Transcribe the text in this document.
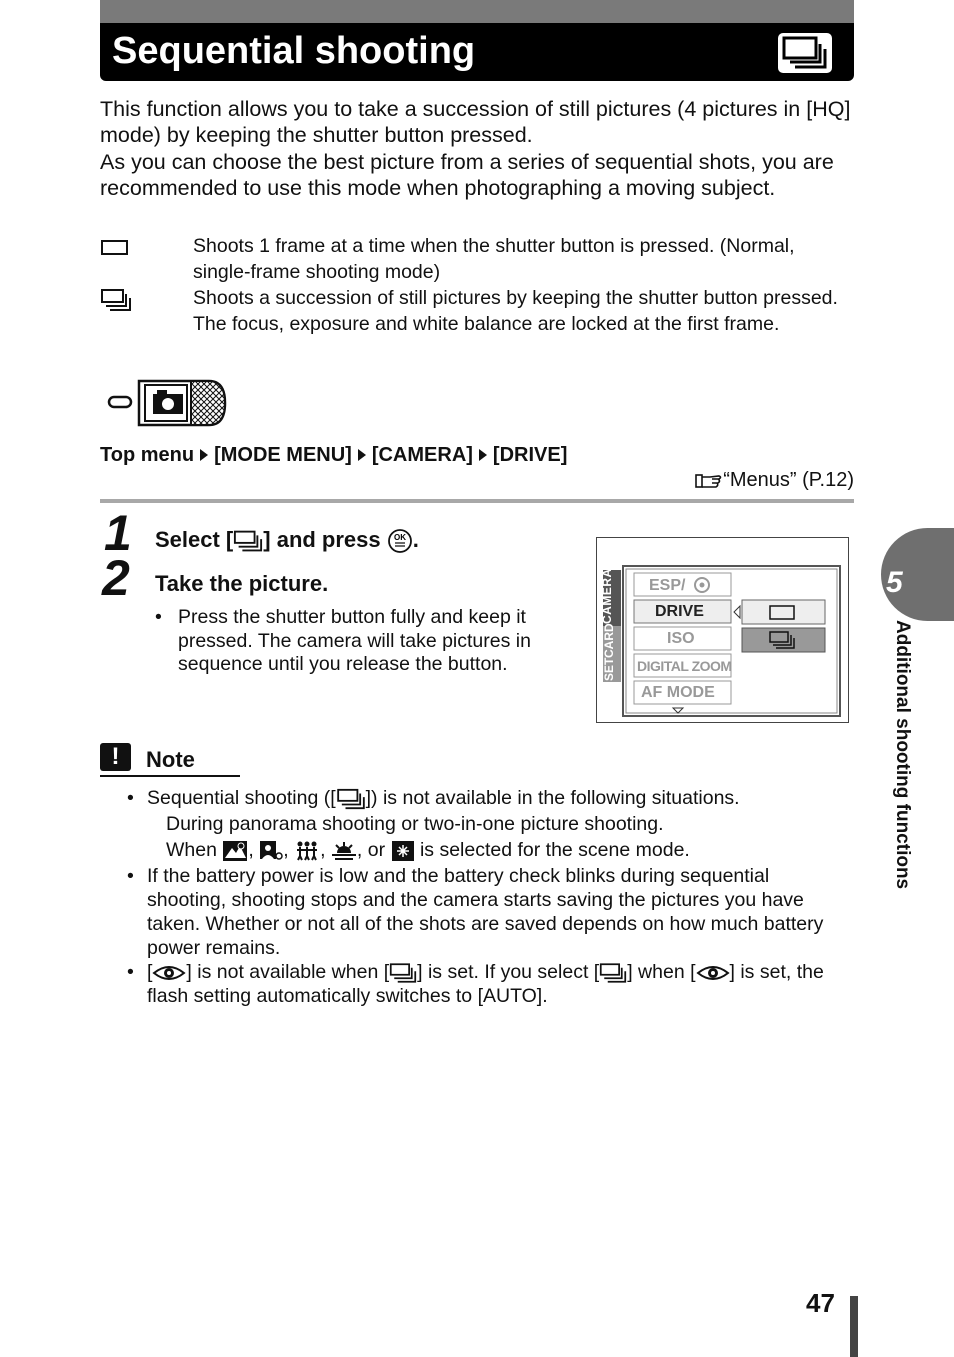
Sequential shooting
This function allows you to take a succession of still pictures (4 pictures in [HQ] mode) by keeping the shutter button pressed.
As you can choose the best picture from a series of sequential shots, you are recommended to use this mode when photographing a moving subject.
Shoots 1 frame at a time when the shutter button is pressed. (Normal, single-frame shooting mode)
Shoots a succession of still pictures by keeping the shutter button pressed. The focus, exposure and white balance are locked at the first frame.
Top menu [MODE MENU] [CAMERA] [DRIVE]
“Menus” (P.12)
1
2
Select [ ] and press OK .
Take the picture.
• Press the shutter button fully and keep it pressed. The camera will take pictures in sequence until you release the button.
CAMERA
CARD
SET
ESP/
DRIVE
ISO
DIGITAL ZOOM
AF MODE
5
Additional shooting functions
!	Note
• Sequential shooting ([ ]) is not available in the following situations.
During panorama shooting or two-in-one picture shooting.
When , , , , or is selected for the scene mode.
• If the battery power is low and the battery check blinks during sequential shooting, shooting stops and the camera starts saving the pictures you have taken. Whether or not all of the shots are saved depends on how much battery power remains.
• [ ] is not available when [ ] is set. If you select [ ] when [ ] is set, the flash setting automatically switches to [AUTO].
47
